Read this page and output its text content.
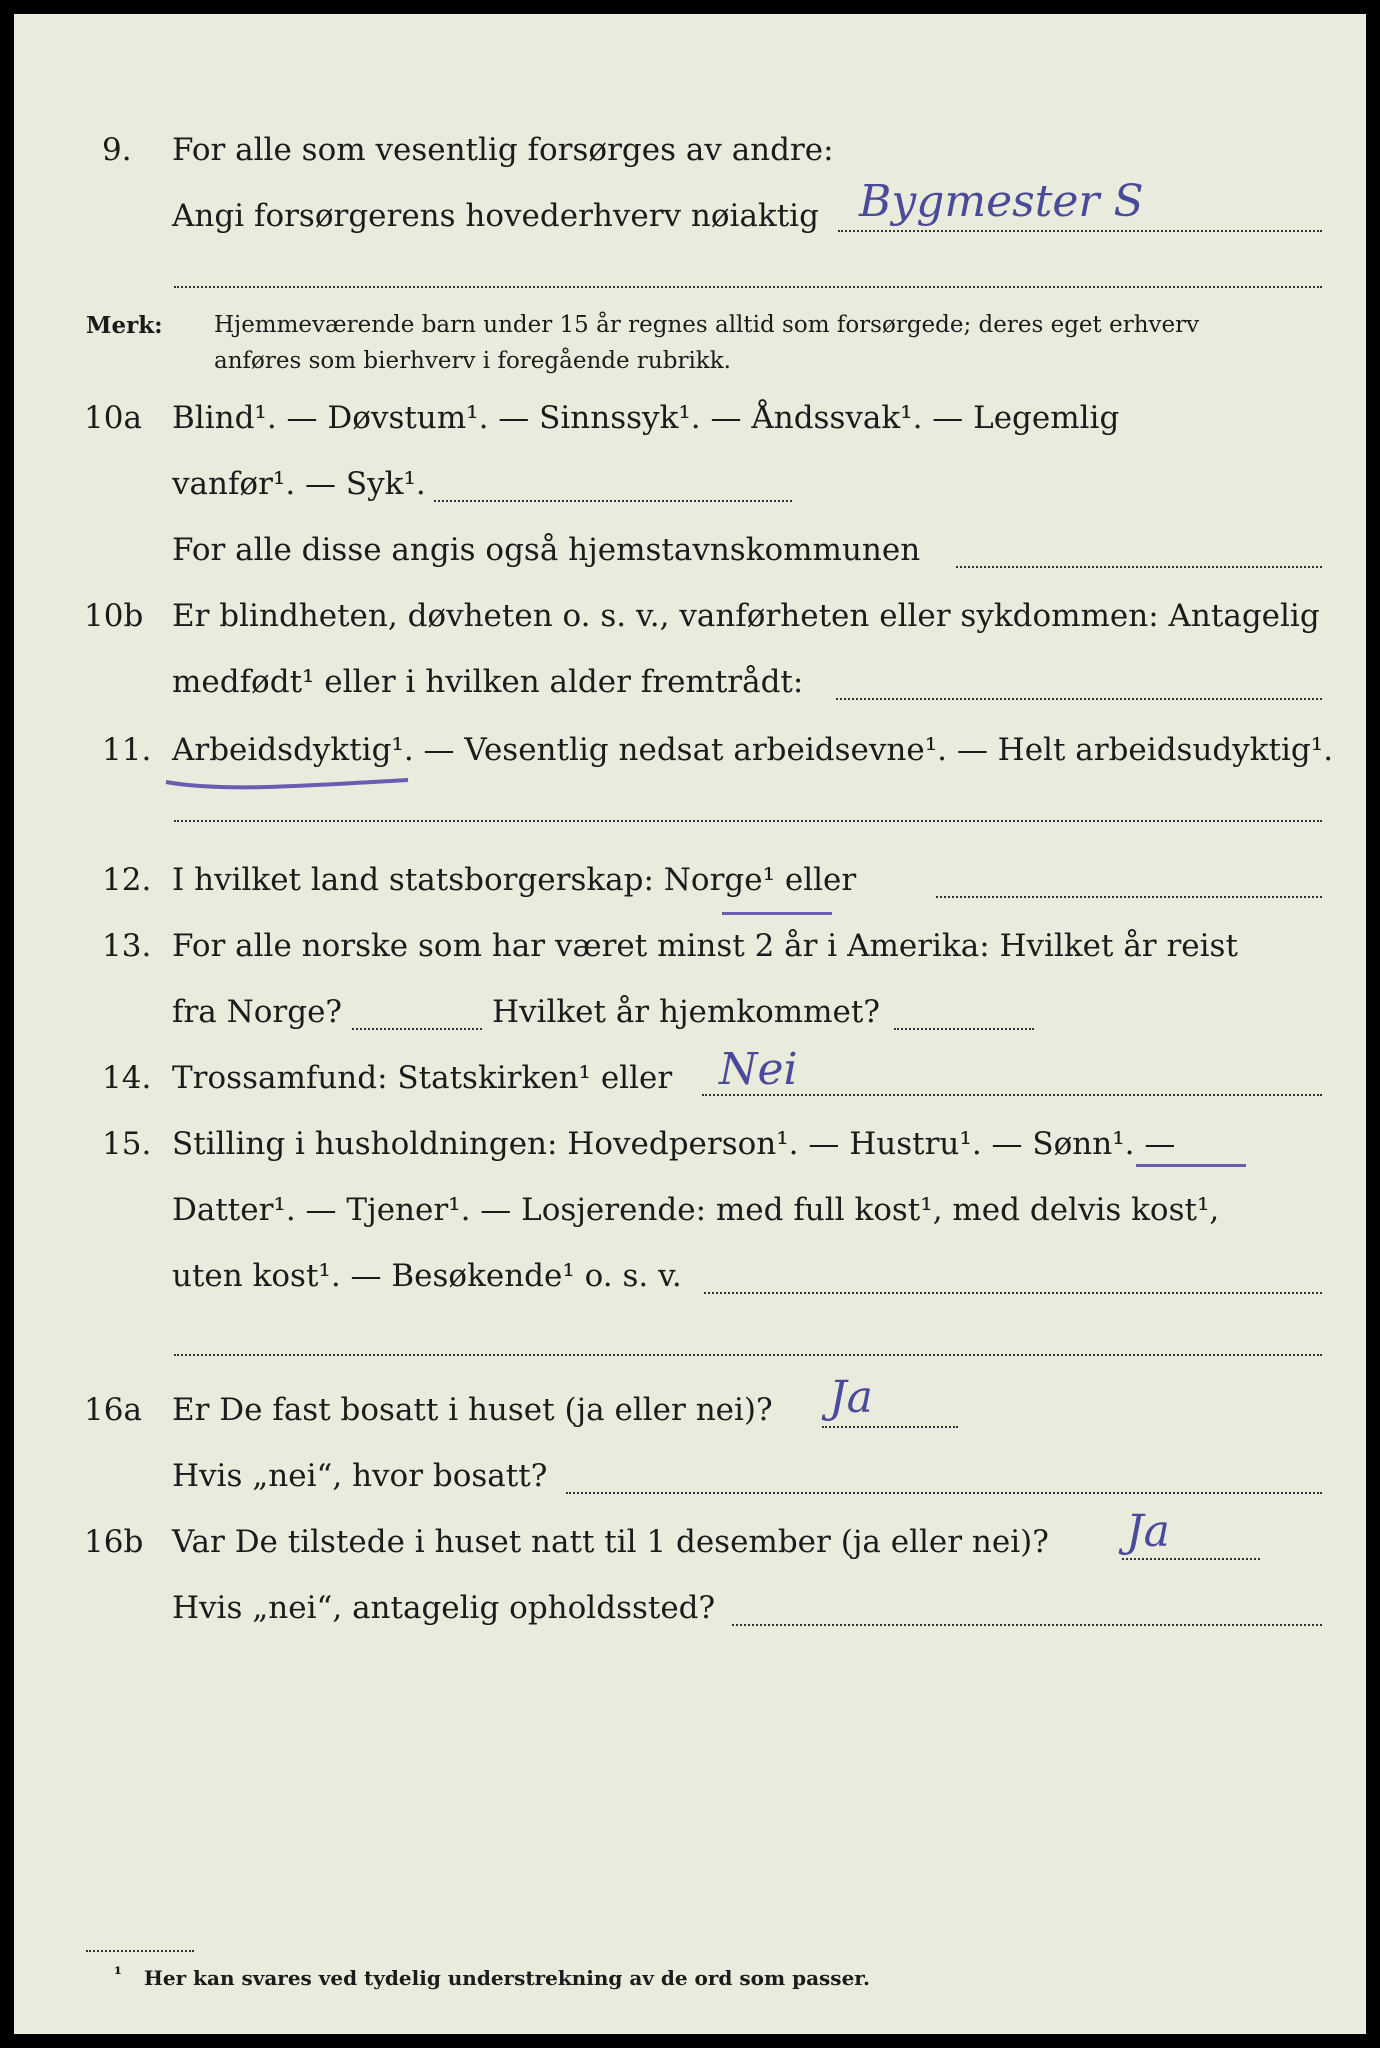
9. For alle som vesentlig forsørges av andre:
Angi forsørgerens hovederhverv nøiaktig Bygmester S
Merk: Hjemmeværende barn under 15 år regnes alltid som forsørgede; deres eget erhverv
anføres som bierhverv i foregående rubrikk.
10a Blind¹. — Døvstum¹. — Sinnssyk¹. — Åndssvak¹. — Legemlig
vanfør¹. — Syk¹.
For alle disse angis også hjemstavnskommunen
10b Er blindheten, døvheten o. s. v., vanførheten eller sykdommen: Antagelig
medfødt¹ eller i hvilken alder fremtrådt:
11. Arbeidsdyktig¹. — Vesentlig nedsat arbeidsevne¹. — Helt arbeidsudyktig¹.
12. I hvilket land statsborgerskap: Norge¹ eller
13. For alle norske som har været minst 2 år i Amerika: Hvilket år reist
fra Norge?	Hvilket år hjemkommet?
14. Trossamfund: Statskirken¹ eller Nei
15. Stilling i husholdningen: Hovedperson¹. — Hustru¹. — Sønn¹. —
Datter¹. — Tjener¹. — Losjerende: med full kost¹, med delvis kost¹,
uten kost¹. — Besøkende¹ o. s. v.
16a Er De fast bosatt i huset (ja eller nei)? Ja
Hvis „nei“, hvor bosatt?
16b Var De tilstede i huset natt til 1 desember (ja eller nei)? Ja
Hvis „nei“, antagelig opholdssted?
¹ Her kan svares ved tydelig understrekning av de ord som passer.
